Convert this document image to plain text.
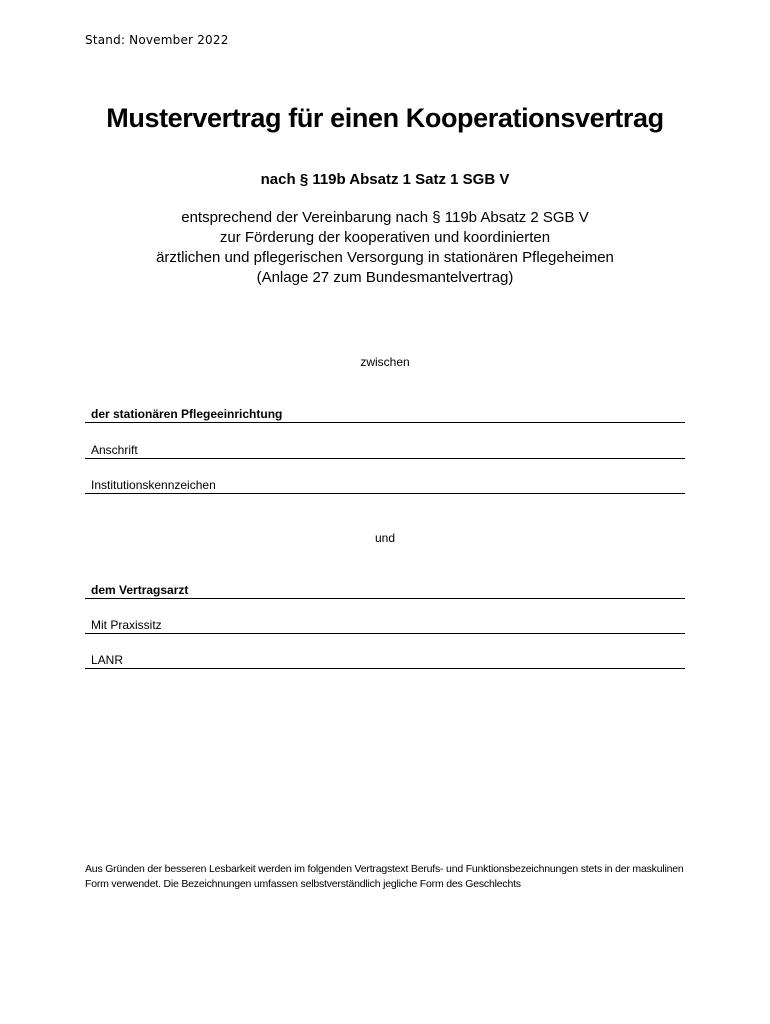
Stand: November 2022
Mustervertrag für einen Kooperationsvertrag
nach § 119b Absatz 1 Satz 1 SGB V
entsprechend der Vereinbarung nach § 119b Absatz 2 SGB V
zur Förderung der kooperativen und koordinierten
ärztlichen und pflegerischen Versorgung in stationären Pflegeheimen
(Anlage 27 zum Bundesmantelvertrag)
zwischen
der stationären Pflegeeinrichtung
Anschrift
Institutionskennzeichen
und
dem Vertragsarzt
Mit Praxissitz
LANR
Aus Gründen der besseren Lesbarkeit werden im folgenden Vertragstext Berufs- und Funktionsbezeichnungen stets in der maskulinen Form verwendet. Die Bezeichnungen umfassen selbstverständlich jegliche Form des Geschlechts
